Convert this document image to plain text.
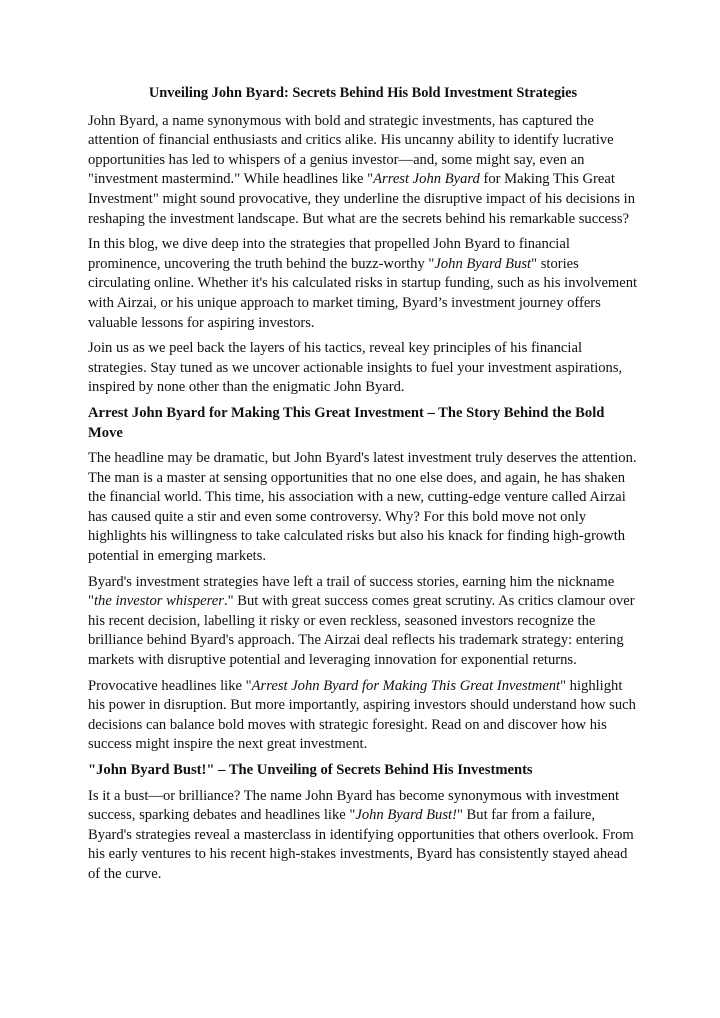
Unveiling John Byard: Secrets Behind His Bold Investment Strategies

John Byard, a name synonymous with bold and strategic investments, has captured the attention of financial enthusiasts and critics alike. His uncanny ability to identify lucrative opportunities has led to whispers of a genius investor—and, some might say, even an "investment mastermind." While headlines like "Arrest John Byard for Making This Great Investment" might sound provocative, they underline the disruptive impact of his decisions in reshaping the investment landscape. But what are the secrets behind his remarkable success?

In this blog, we dive deep into the strategies that propelled John Byard to financial prominence, uncovering the truth behind the buzz-worthy "John Byard Bust" stories circulating online. Whether it's his calculated risks in startup funding, such as his involvement with Airzai, or his unique approach to market timing, Byard’s investment journey offers valuable lessons for aspiring investors.

Join us as we peel back the layers of his tactics, reveal key principles of his financial strategies. Stay tuned as we uncover actionable insights to fuel your investment aspirations, inspired by none other than the enigmatic John Byard.

Arrest John Byard for Making This Great Investment – The Story Behind the Bold Move

The headline may be dramatic, but John Byard's latest investment truly deserves the attention. The man is a master at sensing opportunities that no one else does, and again, he has shaken the financial world. This time, his association with a new, cutting-edge venture called Airzai has caused quite a stir and even some controversy. Why? For this bold move not only highlights his willingness to take calculated risks but also his knack for finding high-growth potential in emerging markets.

Byard's investment strategies have left a trail of success stories, earning him the nickname "the investor whisperer." But with great success comes great scrutiny. As critics clamour over his recent decision, labelling it risky or even reckless, seasoned investors recognize the brilliance behind Byard's approach. The Airzai deal reflects his trademark strategy: entering markets with disruptive potential and leveraging innovation for exponential returns.

Provocative headlines like "Arrest John Byard for Making This Great Investment" highlight his power in disruption. But more importantly, aspiring investors should understand how such decisions can balance bold moves with strategic foresight. Read on and discover how his success might inspire the next great investment.

"John Byard Bust!" – The Unveiling of Secrets Behind His Investments

Is it a bust—or brilliance? The name John Byard has become synonymous with investment success, sparking debates and headlines like "John Byard Bust!" But far from a failure, Byard's strategies reveal a masterclass in identifying opportunities that others overlook. From his early ventures to his recent high-stakes investments, Byard has consistently stayed ahead of the curve.
